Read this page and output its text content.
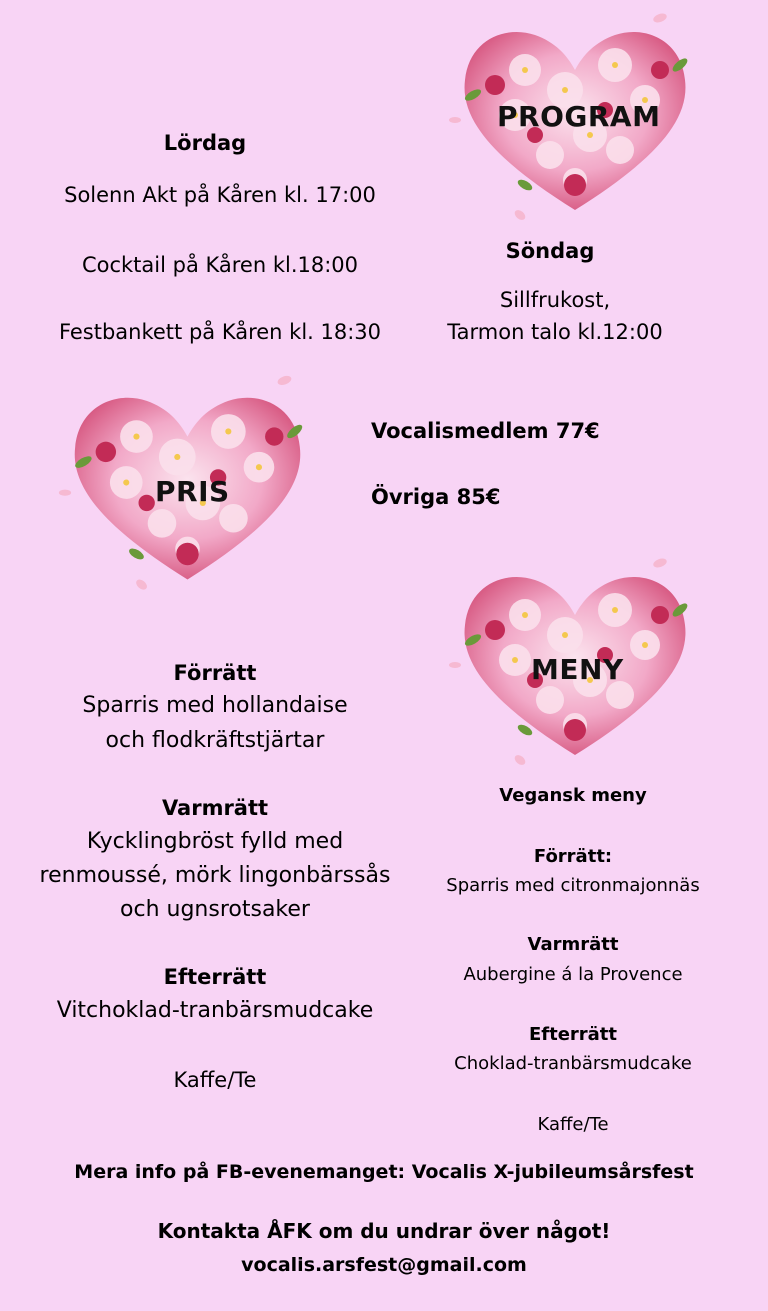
PROGRAM
Lördag
Solenn Akt på Kåren kl. 17:00
Cocktail på Kåren kl.18:00
Festbankett på Kåren kl. 18:30
Söndag
Sillfrukost,
Tarmon talo kl.12:00
PRIS
Vocalismedlem 77€
Övriga 85€
MENY
Förrätt
Sparris med hollandaise
och flodkräftstjärtar
Varmrätt
Kycklingbröst fylld med
renmoussé, mörk lingonbärssås
och ugnsrotsaker
Efterrätt
Vitchoklad-tranbärsmudcake
Kaffe/Te
Vegansk meny
Förrätt:
Sparris med citronmajonnäs
Varmrätt
Aubergine á la Provence
Efterrätt
Choklad-tranbärsmudcake
Kaffe/Te
Mera info på FB-evenemanget: Vocalis X-jubileumsårsfest
Kontakta ÅFK om du undrar över något!
vocalis.arsfest@gmail.com
